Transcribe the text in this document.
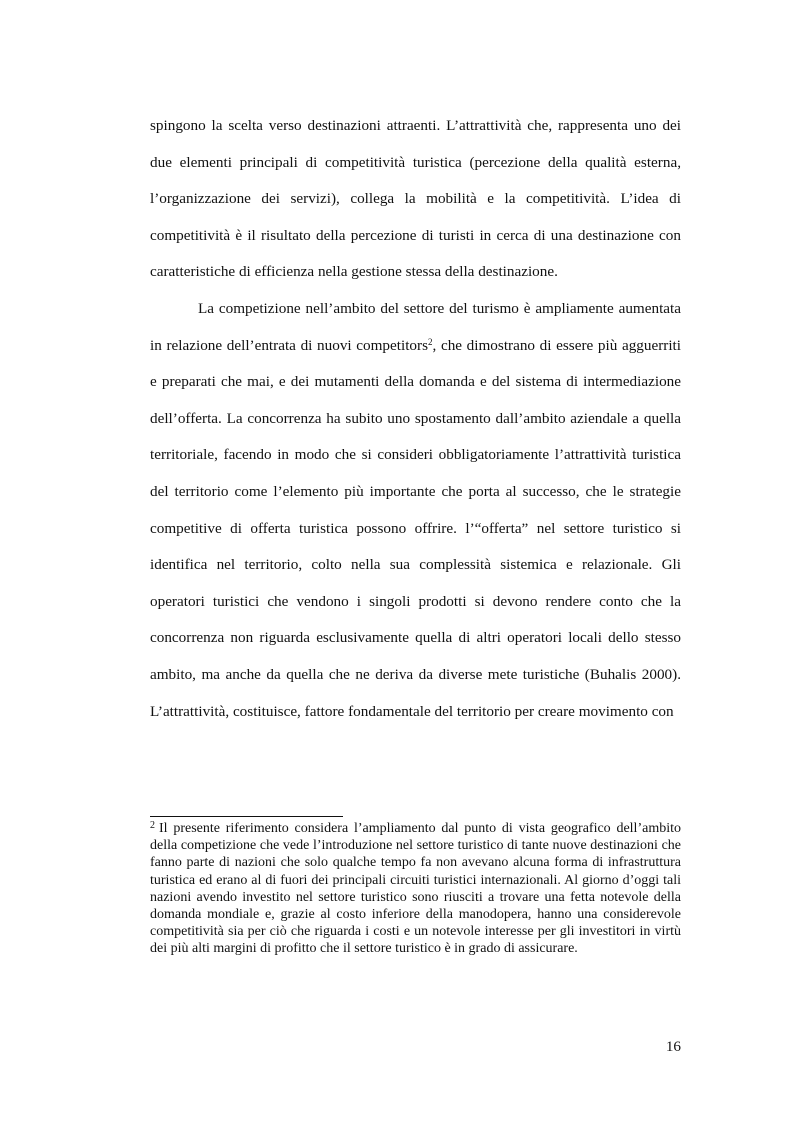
spingono la scelta verso destinazioni attraenti. L’attrattività che, rappresenta uno dei due elementi principali di competitività turistica (percezione della qualità esterna, l’organizzazione dei servizi), collega la mobilità e la competitività. L’idea di competitività è il risultato della percezione di turisti in cerca di una destinazione con caratteristiche di efficienza nella gestione stessa della destinazione.

La competizione nell’ambito del settore del turismo è ampliamente aumentata in relazione dell’entrata di nuovi competitors$^2$, che dimostrano di essere più agguerriti e preparati che mai, e dei mutamenti della domanda e del sistema di intermediazione dell’offerta. La concorrenza ha subito uno spostamento dall’ambito aziendale a quella territoriale, facendo in modo che si consideri obbligatoriamente l’attrattività turistica del territorio come l’elemento più importante che porta al successo, che le strategie competitive di offerta turistica possono offrire. l’“offerta” nel settore turistico si identifica nel territorio, colto nella sua complessità sistemica e relazionale. Gli operatori turistici che vendono i singoli prodotti si devono rendere conto che la concorrenza non riguarda esclusivamente quella di altri operatori locali dello stesso ambito, ma anche da quella che ne deriva da diverse mete turistiche (Buhalis 2000). L’attrattività, costituisce, fattore fondamentale del territorio per creare movimento con

$^2$ Il presente riferimento considera l’ampliamento dal punto di vista geografico dell’ambito della competizione che vede l’introduzione nel settore turistico di tante nuove destinazioni che fanno parte di nazioni che solo qualche tempo fa non avevano alcuna forma di infrastruttura turistica ed erano al di fuori dei principali circuiti turistici internazionali. Al giorno d’oggi tali nazioni avendo investito nel settore turistico sono riusciti a trovare una fetta notevole della domanda mondiale e, grazie al costo inferiore della manodopera, hanno una considerevole competitività sia per ciò che riguarda i costi e un notevole interesse per gli investitori in virtù dei più alti margini di profitto che il settore turistico è in grado di assicurare.

16
